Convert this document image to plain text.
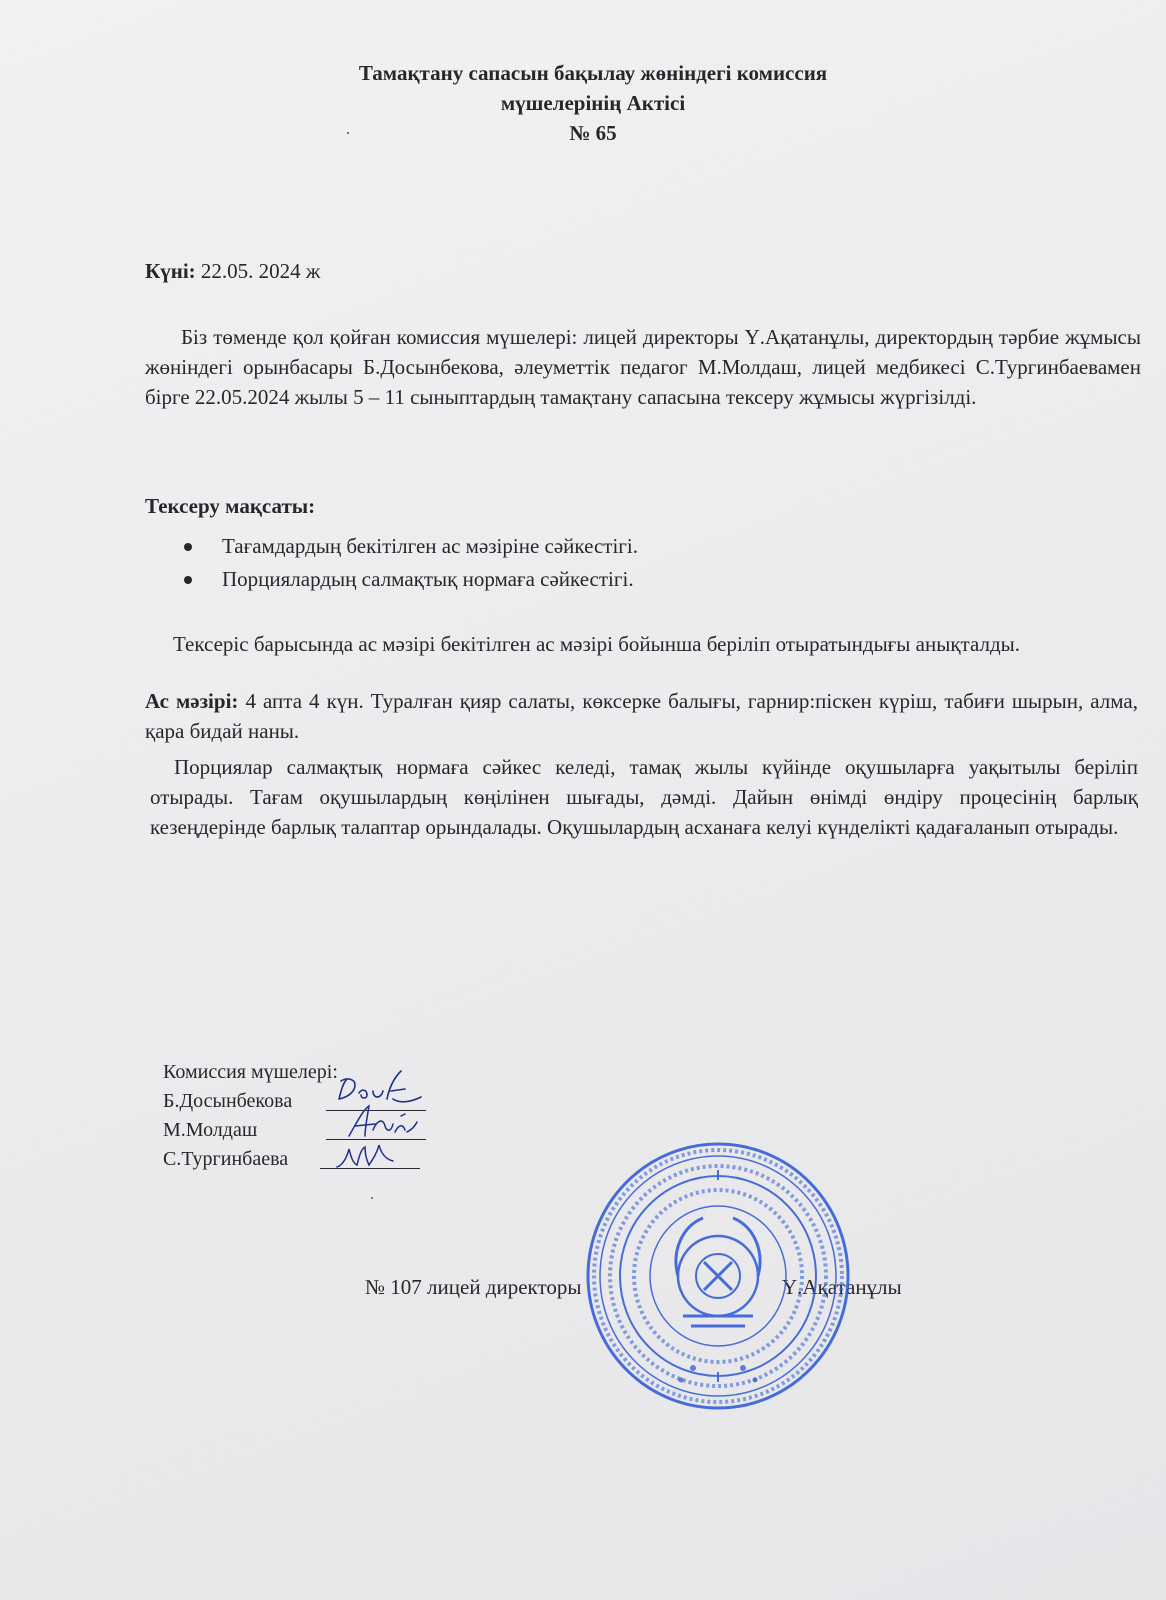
Тамақтану сапасын бақылау жөніндегі комиссия
мүшелерінің Актісі
№ 65
Күні: 22.05. 2024 ж
Біз төменде қол қойған комиссия мүшелері: лицей директоры Ү.Ақатанұлы, директордың тәрбие жұмысы жөніндегі орынбасары Б.Досынбекова, әлеуметтік педагог М.Молдаш, лицей медбикесі С.Тургинбаевамен бірге 22.05.2024 жылы 5 – 11 сыныптардың тамақтану сапасына тексеру жұмысы жүргізілді.
Тексеру мақсаты:
Тағамдардың бекітілген ас мәзіріне сәйкестігі.
Порциялардың салмақтық нормаға сәйкестігі.
Тексеріс барысында ас мәзірі бекітілген ас мәзірі бойынша беріліп отыратындығы анықталды.
Ас мәзірі: 4 апта 4 күн. Туралған қияр салаты, көксерке балығы, гарнир:піскен күріш, табиғи шырын, алма, қара бидай наны.
Порциялар салмақтық нормаға сәйкес келеді, тамақ жылы күйінде оқушыларға уақытылы беріліп отырады. Тағам оқушылардың көңілінен шығады, дәмді. Дайын өнімді өндіру процесінің барлық кезеңдерінде барлық талаптар орындалады. Оқушылардың асханаға келуі күнделікті қадағаланып отырады.
Комиссия мүшелері:
Б.Досынбекова
М.Молдаш
С.Тургинбаева
№ 107 лицей директоры	Ү.Ақатанұлы
